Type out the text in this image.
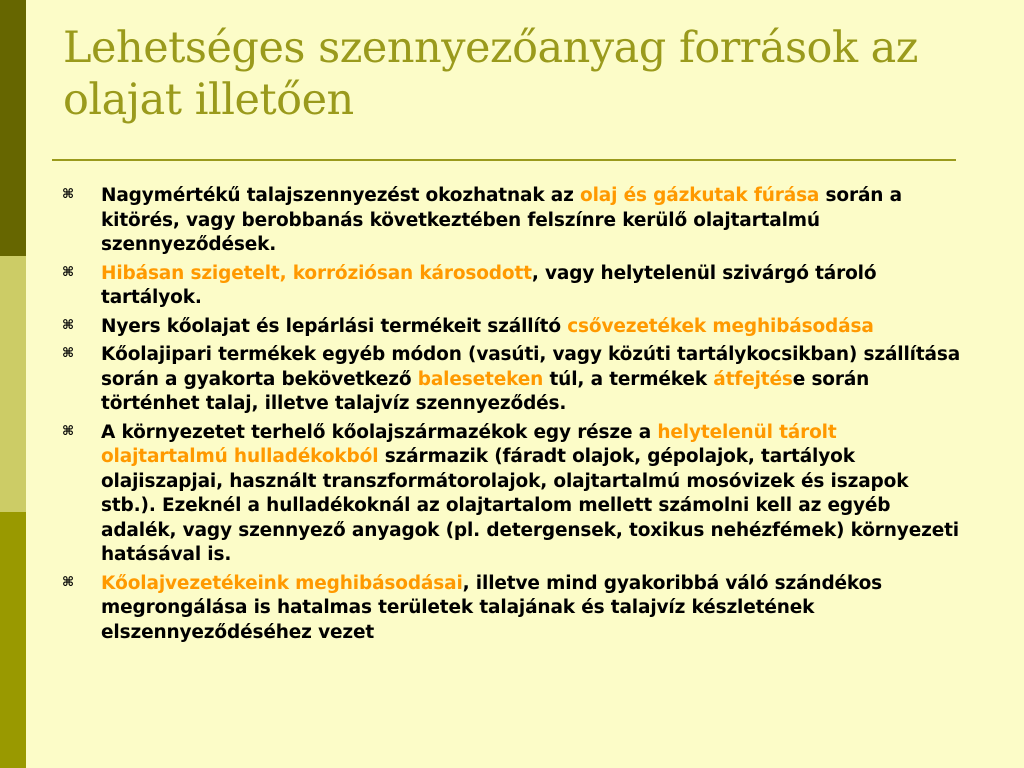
Lehetséges szennyezőanyag források az
olajat illetően
⌘ Nagymértékű talajszennyezést okozhatnak az olaj és gázkutak fúrása során a kitörés, vagy berobbanás következtében felszínre kerülő olajtartalmú szennyeződések.
⌘ Hibásan szigetelt, korróziósan károsodott, vagy helytelenül szivárgó tároló tartályok.
⌘ Nyers kőolajat és lepárlási termékeit szállító csővezetékek meghibásodása
⌘ Kőolajipari termékek egyéb módon (vasúti, vagy közúti tartálykocsikban) szállítása során a gyakorta bekövetkező baleseteken túl, a termékek átfejtése során történhet talaj, illetve talajvíz szennyeződés.
⌘ A környezetet terhelő kőolajszármazékok egy része a helytelenül tárolt olajtartalmú hulladékokból származik (fáradt olajok, gépolajok, tartályok olajiszapjai, használt transzformátorolajok, olajtartalmú mosóvizek és iszapok stb.). Ezeknél a hulladékoknál az olajtartalom mellett számolni kell az egyéb adalék, vagy szennyező anyagok (pl. detergensek, toxikus nehézfémek) környezeti hatásával is.
⌘ Kőolajvezetékeink meghibásodásai, illetve mind gyakoribbá váló szándékos megrongálása is hatalmas területek talajának és talajvíz készletének elszennyeződéséhez vezet
